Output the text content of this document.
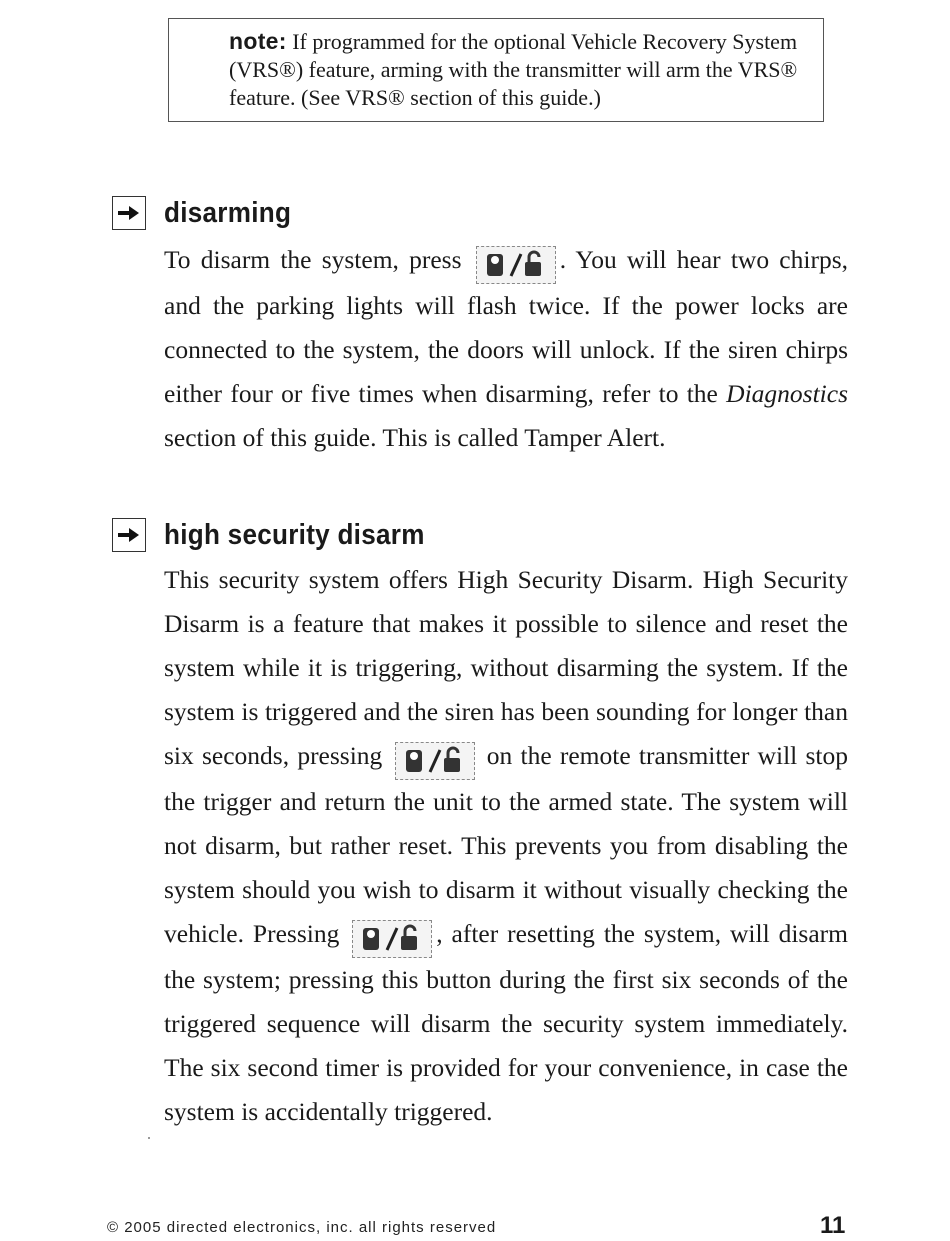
note: If programmed for the optional Vehicle Recovery System (VRS®) feature, arming with the transmitter will arm the VRS® feature. (See VRS® section of this guide.)
disarming

To disarm the system, press	. You will hear two chirps, and the parking lights will flash twice. If the power locks are connected to the system, the doors will unlock. If the siren chirps either four or five times when disarming, refer to the Diagnostics section of this guide. This is called Tamper Alert.

high security disarm

This security system offers High Security Disarm. High Security Disarm is a feature that makes it possible to silence and reset the system while it is triggering, without disarming the system. If the system is triggered and the siren has been sounding for longer than six seconds, pressing	on the remote transmitter will stop the trigger and return the unit to the armed state. The system will not disarm, but rather reset. This prevents you from disabling the system should you wish to disarm it without visually checking the vehicle. Pressing	, after resetting the system, will disarm the system; pressing this button during the first six seconds of the triggered sequence will disarm the security system immediately. The six second timer is provided for your convenience, in case the system is accidentally triggered.

© 2005 directed electronics, inc. all rights reserved	11
